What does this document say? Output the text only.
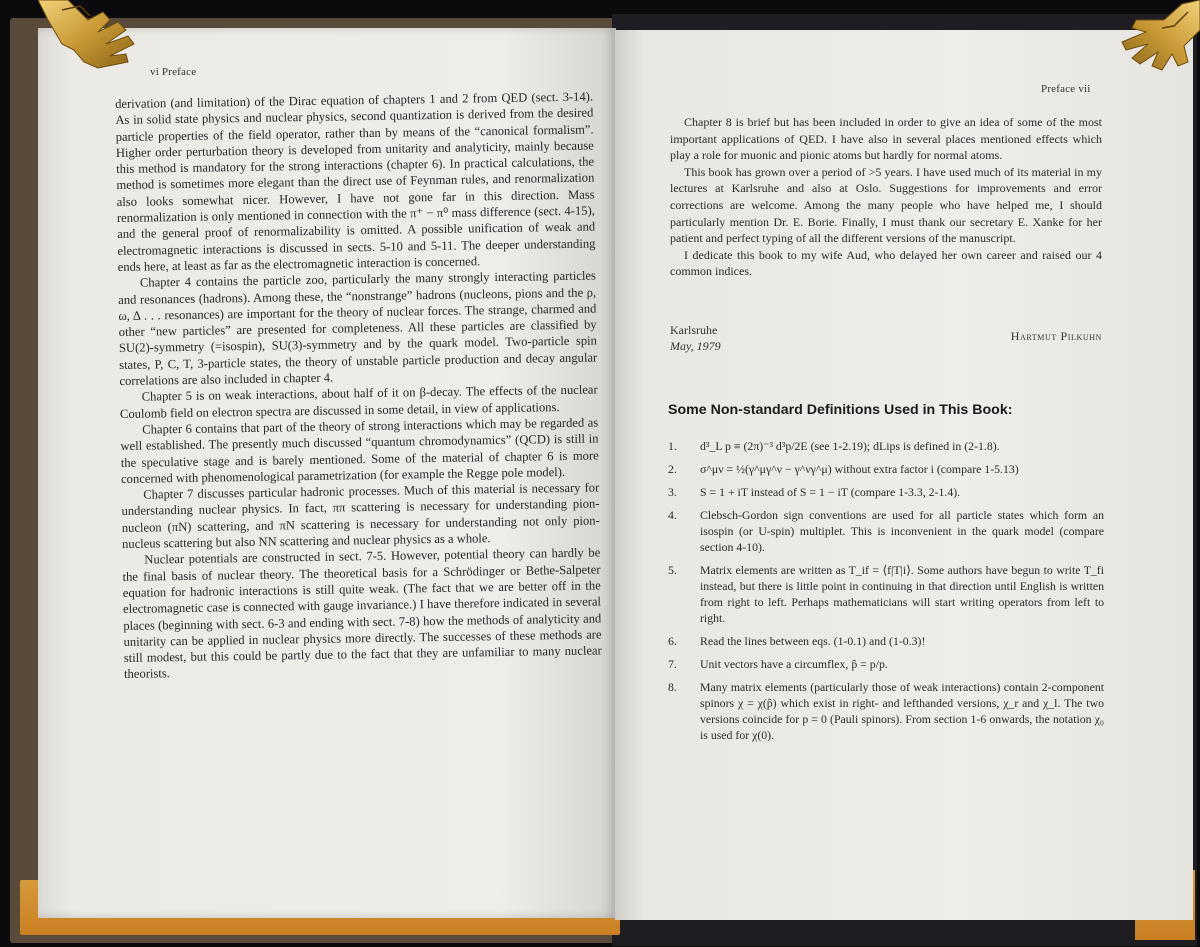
vi Preface

derivation (and limitation) of the Dirac equation of chapters 1 and 2 from QED (sect. 3-14). As in solid state physics and nuclear physics, second quantization is derived from the desired particle properties of the field operator, rather than by means of the “canonical formalism”. Higher order perturbation theory is developed from unitarity and analyticity, mainly because this method is mandatory for the strong interactions (chapter 6). In practical calculations, the method is sometimes more elegant than the direct use of Feynman rules, and renormalization also looks somewhat nicer. However, I have not gone far in this direction. Mass renormalization is only mentioned in connection with the π⁺ − π⁰ mass difference (sect. 4-15), and the general proof of renormalizability is omitted. A possible unification of weak and electromagnetic interactions is discussed in sects. 5-10 and 5-11. The deeper understanding ends here, at least as far as the electromagnetic interaction is concerned.

Chapter 4 contains the particle zoo, particularly the many strongly interacting particles and resonances (hadrons). Among these, the “nonstrange” hadrons (nucleons, pions and the ρ, ω, Δ . . . resonances) are important for the theory of nuclear forces. The strange, charmed and other “new particles” are presented for completeness. All these particles are classified by SU(2)-symmetry (=isospin), SU(3)-symmetry and by the quark model. Two-particle spin states, P, C, T, 3-particle states, the theory of unstable particle production and decay angular correlations are also included in chapter 4.

Chapter 5 is on weak interactions, about half of it on β-decay. The effects of the nuclear Coulomb field on electron spectra are discussed in some detail, in view of applications.

Chapter 6 contains that part of the theory of strong interactions which may be regarded as well established. The presently much discussed “quantum chromodynamics” (QCD) is still in the speculative stage and is barely mentioned. Some of the material of chapter 6 is more concerned with phenomenological parametrization (for example the Regge pole model).

Chapter 7 discusses particular hadronic processes. Much of this material is necessary for understanding nuclear physics. In fact, ππ scattering is necessary for understanding pion-nucleon (πN) scattering, and πN scattering is necessary for understanding not only pion-nucleus scattering but also NN scattering and nuclear physics as a whole.

Nuclear potentials are constructed in sect. 7-5. However, potential theory can hardly be the final basis of nuclear theory. The theoretical basis for a Schrödinger or Bethe-Salpeter equation for hadronic interactions is still quite weak. (The fact that we are better off in the electromagnetic case is connected with gauge invariance.) I have therefore indicated in several places (beginning with sect. 6-3 and ending with sect. 7-8) how the methods of analyticity and unitarity can be applied in nuclear physics more directly. The successes of these methods are still modest, but this could be partly due to the fact that they are unfamiliar to many nuclear theorists.

Preface vii

Chapter 8 is brief but has been included in order to give an idea of some of the most important applications of QED. I have also in several places mentioned effects which play a role for muonic and pionic atoms but hardly for normal atoms.

This book has grown over a period of >5 years. I have used much of its material in my lectures at Karlsruhe and also at Oslo. Suggestions for improvements and error corrections are welcome. Among the many people who have helped me, I should particularly mention Dr. E. Borie. Finally, I must thank our secretary E. Xanke for her patient and perfect typing of all the different versions of the manuscript.

I dedicate this book to my wife Aud, who delayed her own career and raised our 4 common indices.

Karlsruhe
May, 1979
Hartmut Pilkuhn
Some Non-standard Definitions Used in This Book:
1. d³_L p ≡ (2π)⁻³ d³p/2E (see 1-2.19); dLips is defined in (2-1.8).
2. σ^μν = ½(γ^μγ^ν − γ^νγ^μ) without extra factor i (compare 1-5.13)
3. S = 1 + iT instead of S = 1 − iT (compare 1-3.3, 2-1.4).
4. Clebsch-Gordon sign conventions are used for all particle states which form an isospin (or U-spin) multiplet. This is inconvenient in the quark model (compare section 4-10).
5. Matrix elements are written as T_if = ⟨f|T|i⟩. Some authors have begun to write T_fi instead, but there is little point in continuing in that direction until English is written from right to left. Perhaps mathematicians will start writing operators from left to right.
6. Read the lines between eqs. (1-0.1) and (1-0.3)!
7. Unit vectors have a circumflex, p̂ = p/p.
8. Many matrix elements (particularly those of weak interactions) contain 2-component spinors χ = χ(p̂) which exist in right- and lefthanded versions, χ_r and χ_l. The two versions coincide for p = 0 (Pauli spinors). From section 1-6 onwards, the notation χ₀ is used for χ(0).
